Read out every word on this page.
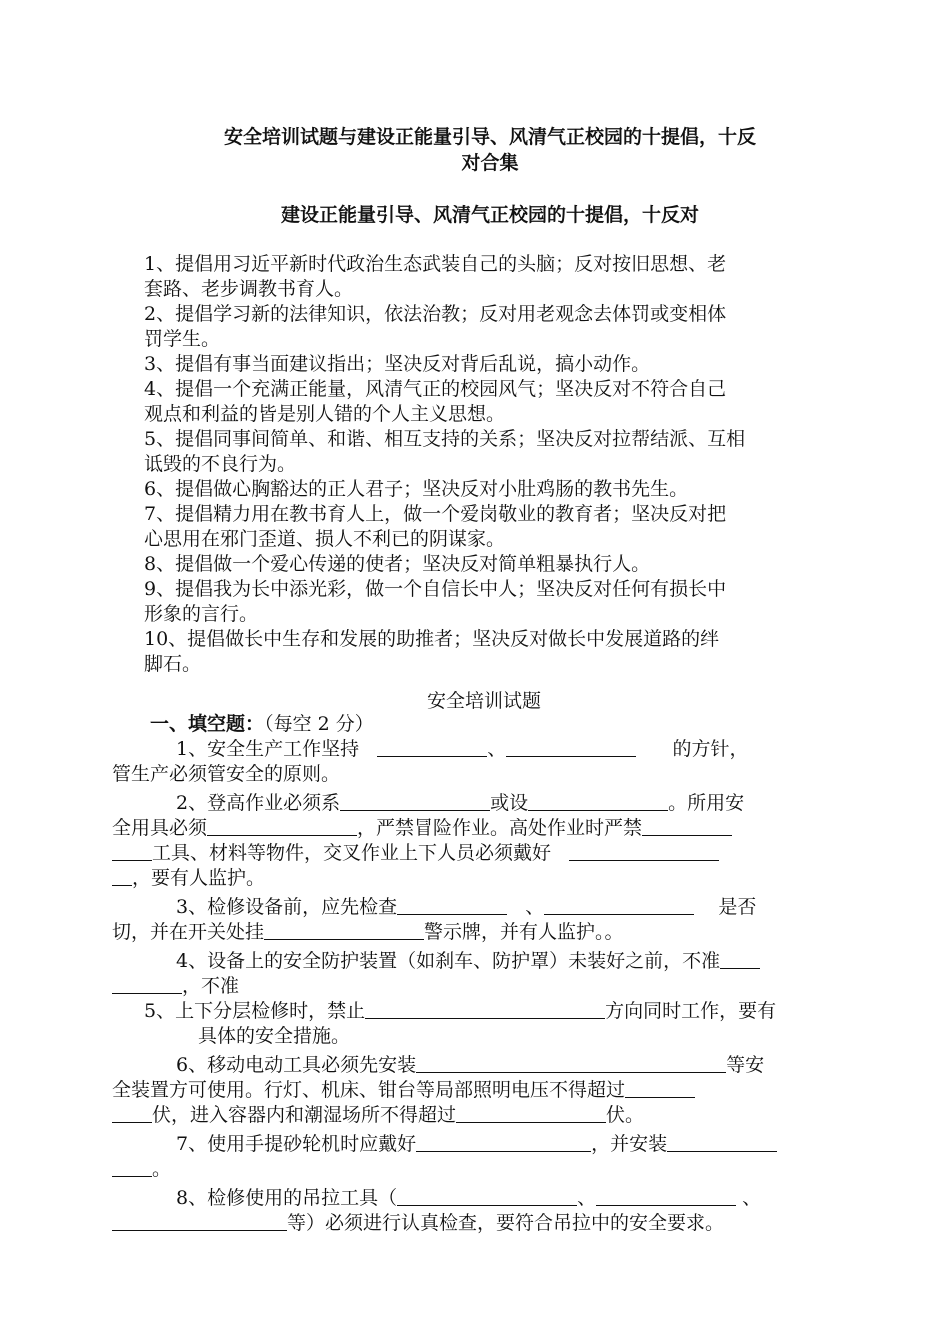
安全培训试题与建设正能量引导、风清气正校园的十提倡，十反
对合集
建设正能量引导、风清气正校园的十提倡，十反对
1、提倡用习近平新时代政治生态武装自己的头脑；反对按旧思想、老
套路、老步调教书育人。
2、提倡学习新的法律知识，依法治教；反对用老观念去体罚或变相体
罚学生。
3、提倡有事当面建议指出；坚决反对背后乱说，搞小动作。
4、提倡一个充满正能量，风清气正的校园风气；坚决反对不符合自己
观点和利益的皆是别人错的个人主义思想。
5、提倡同事间简单、和谐、相互支持的关系；坚决反对拉帮结派、互相
诋毁的不良行为。
6、提倡做心胸豁达的正人君子；坚决反对小肚鸡肠的教书先生。
7、提倡精力用在教书育人上，做一个爱岗敬业的教育者；坚决反对把
心思用在邪门歪道、损人不利已的阴谋家。
8、提倡做一个爱心传递的使者；坚决反对简单粗暴执行人。
9、提倡我为长中添光彩，做一个自信长中人；坚决反对任何有损长中
形象的言行。
10、提倡做长中生存和发展的助推者；坚决反对做长中发展道路的绊
脚石。
安全培训试题
一、填空题：（每空 2 分）
1、安全生产工作坚持	、	的方针，
管生产必须管安全的原则。
2、登高作业必须系	或设	。所用安
全用具必须	，严禁冒险作业。高处作业时严禁
工具、材料等物件，交叉作业上下人员必须戴好
，要有人监护。
3、检修设备前，应先检查	、	是否
切，并在开关处挂	警示牌，并有人监护。。
4、设备上的安全防护装置（如刹车、防护罩）未装好之前，不准
，不准
5、上下分层检修时，禁止	方向同时工作，要有
具体的安全措施。
6、移动电动工具必须先安装	等安
全装置方可使用。行灯、机床、钳台等局部照明电压不得超过
伏，进入容器内和潮湿场所不得超过	伏。
7、使用手提砂轮机时应戴好	，并安装
。
8、检修使用的吊拉工具（	、	、
等）必须进行认真检查，要符合吊拉中的安全要求。
